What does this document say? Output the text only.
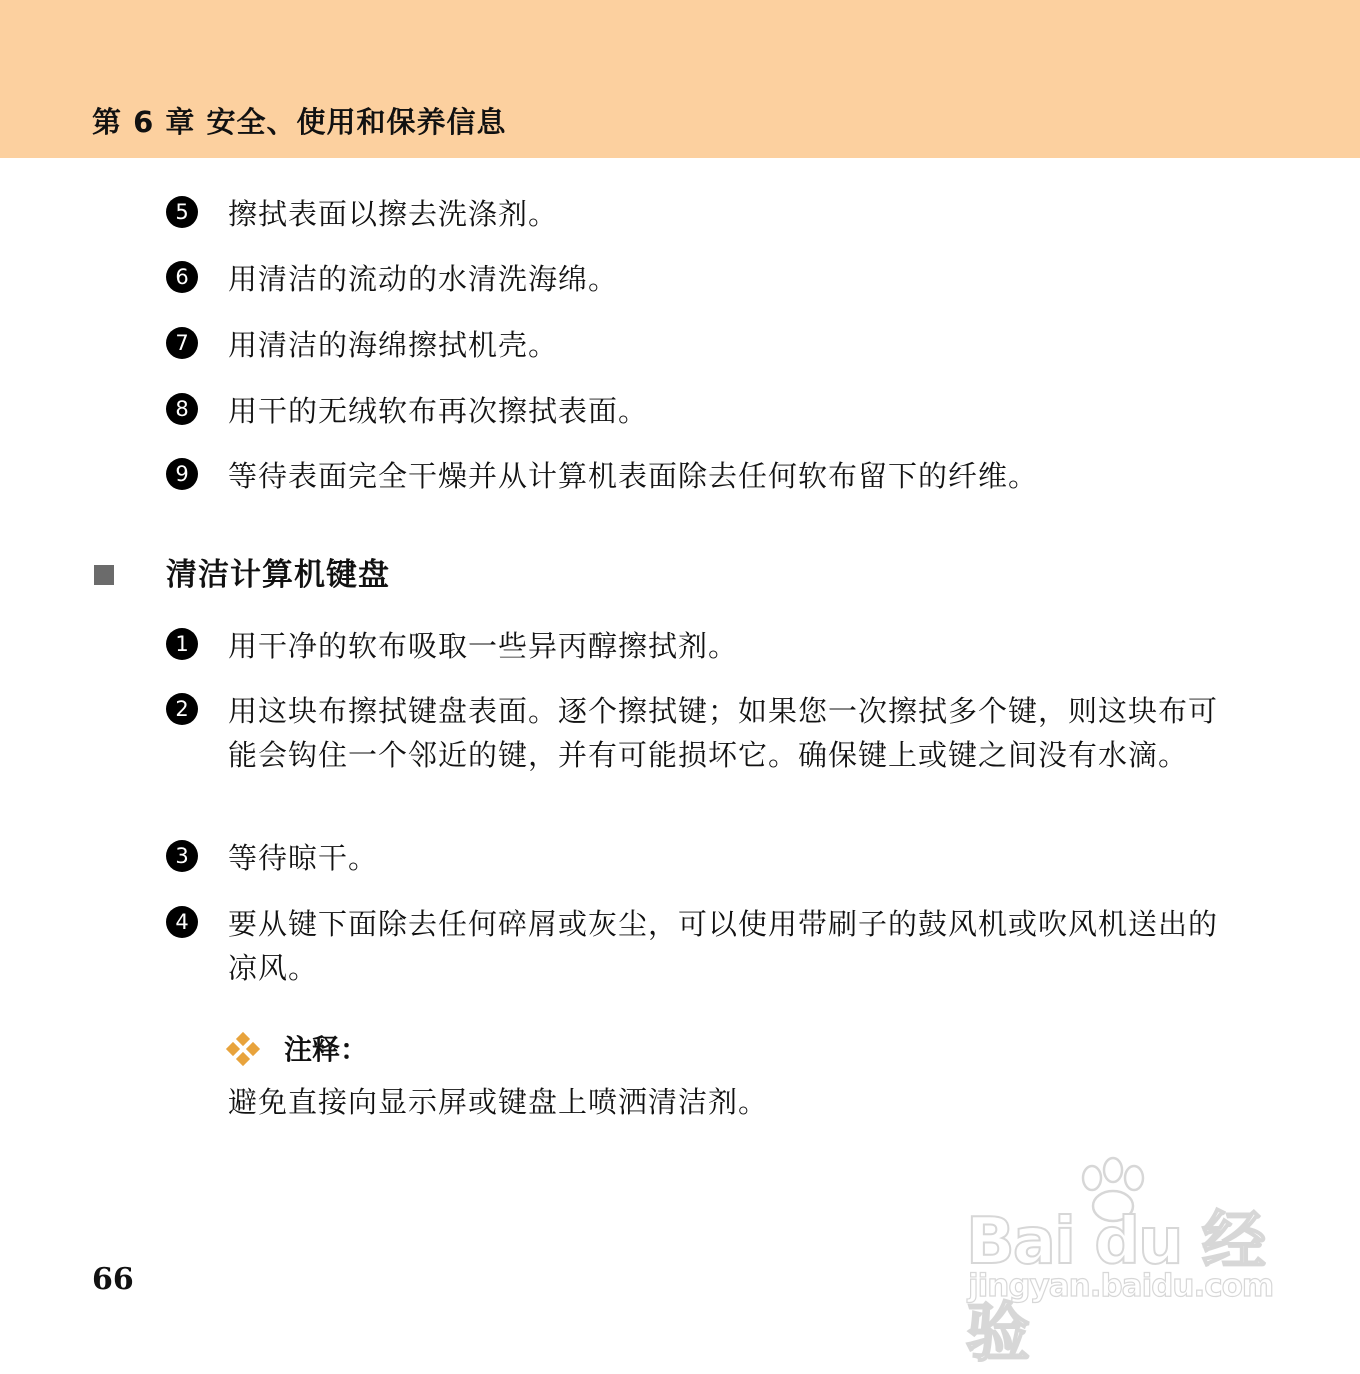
第 6 章 安全、使用和保养信息
5	擦拭表面以擦去洗涤剂。
6	用清洁的流动的水清洗海绵。
7	用清洁的海绵擦拭机壳。
8	用干的无绒软布再次擦拭表面。
9	等待表面完全干燥并从计算机表面除去任何软布留下的纤维。
清洁计算机键盘
1	用干净的软布吸取一些异丙醇擦拭剂。
2	用这块布擦拭键盘表面。逐个擦拭键；如果您一次擦拭多个键，则这块布可能会钩住一个邻近的键，并有可能损坏它。确保键上或键之间没有水滴。
3	等待晾干。
4	要从键下面除去任何碎屑或灰尘，可以使用带刷子的鼓风机或吹风机送出的凉风。
注释：
避免直接向显示屏或键盘上喷洒清洁剂。
66
Bai du 经验
jingyan.baidu.com
